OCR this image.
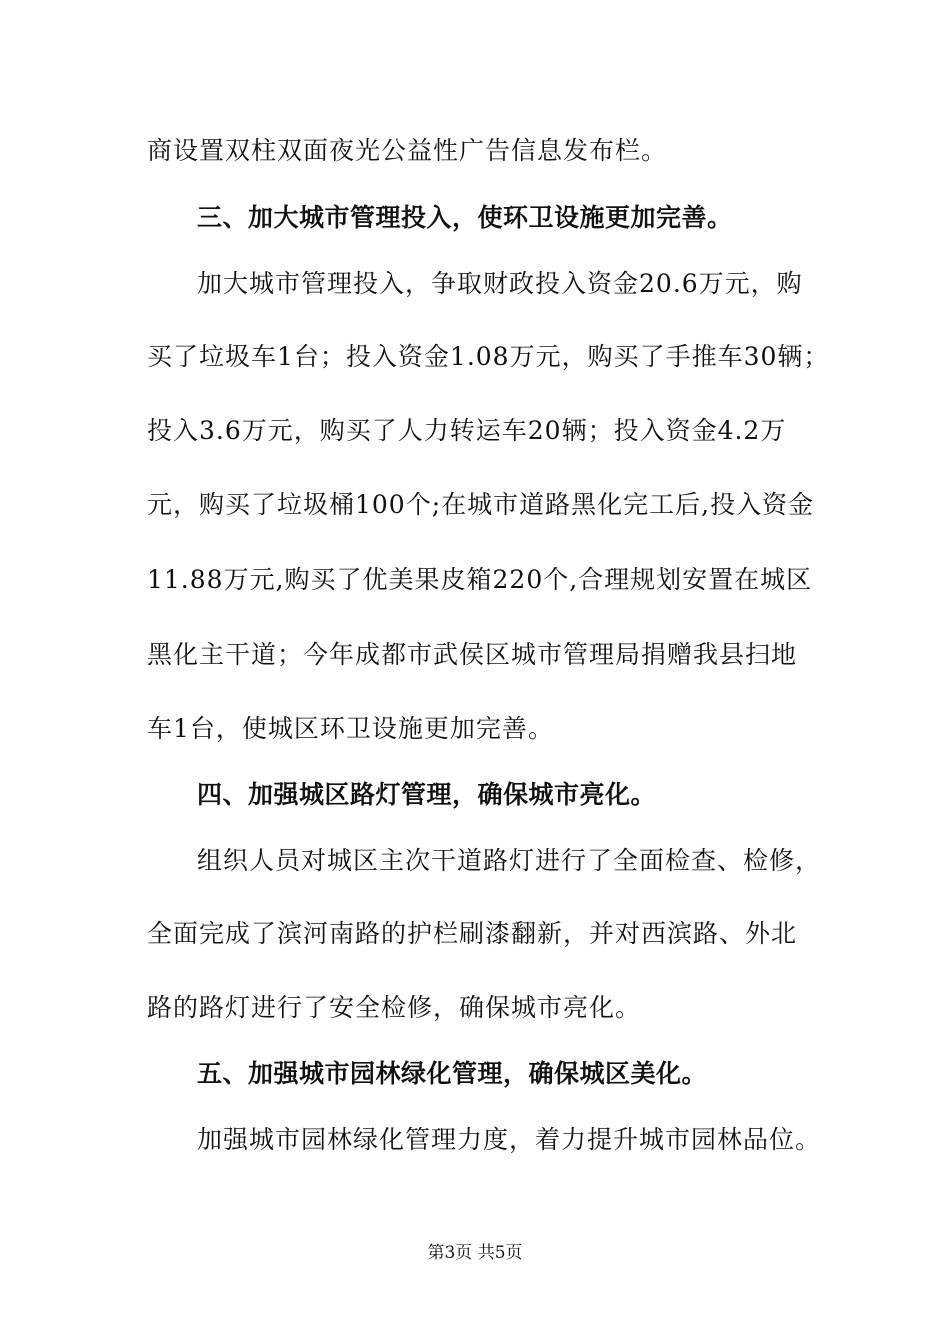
商设置双柱双面夜光公益性广告信息发布栏。
三、加大城市管理投入，使环卫设施更加完善。
加大城市管理投入，争取财政投入资金20.6万元，购
买了垃圾车1台；投入资金1.08万元，购买了手推车30辆；
投入3.6万元，购买了人力转运车20辆；投入资金4.2万
元，购买了垃圾桶100个;在城市道路黑化完工后,投入资金
11.88万元,购买了优美果皮箱220个,合理规划安置在城区
黑化主干道；今年成都市武侯区城市管理局捐赠我县扫地
车1台，使城区环卫设施更加完善。
四、加强城区路灯管理，确保城市亮化。
组织人员对城区主次干道路灯进行了全面检查、检修，
全面完成了滨河南路的护栏刷漆翻新，并对西滨路、外北
路的路灯进行了安全检修，确保城市亮化。
五、加强城市园林绿化管理，确保城区美化。
加强城市园林绿化管理力度，着力提升城市园林品位。
第3页 共5页
